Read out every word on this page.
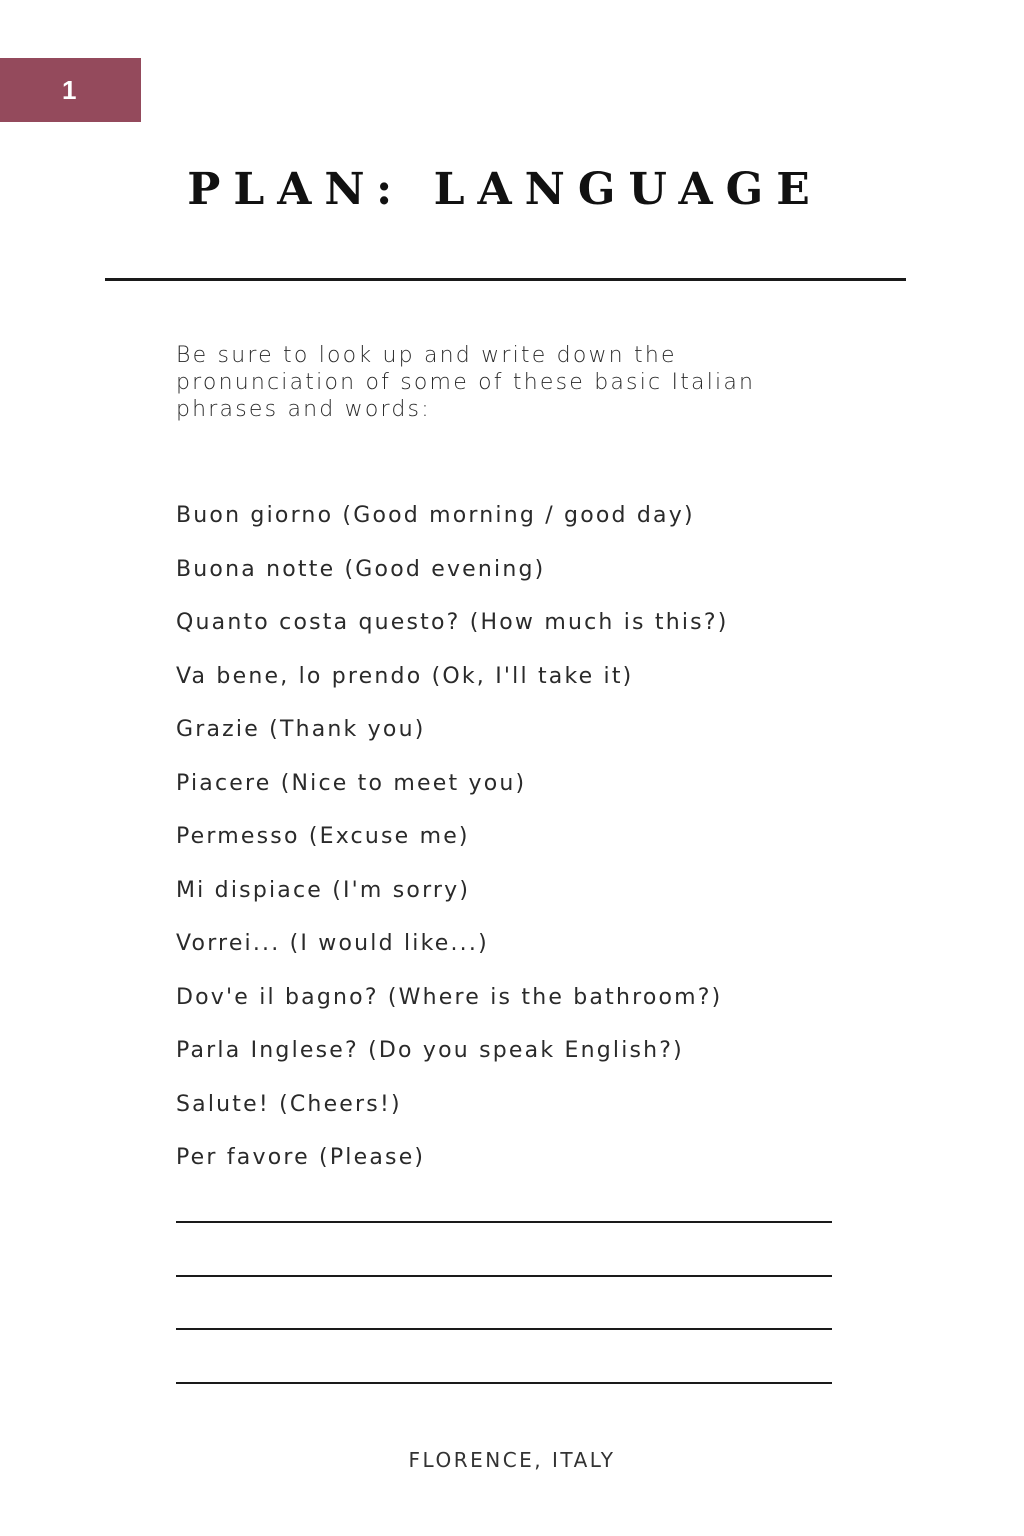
1
PLAN: LANGUAGE

Be sure to look up and write down the pronunciation of some of these basic Italian phrases and words:

Buon giorno (Good morning / good day)
Buona notte (Good evening)
Quanto costa questo? (How much is this?)
Va bene, lo prendo (Ok, I'll take it)
Grazie (Thank you)
Piacere (Nice to meet you)
Permesso (Excuse me)
Mi dispiace (I'm sorry)
Vorrei... (I would like...)
Dov'e il bagno? (Where is the bathroom?)
Parla Inglese? (Do you speak English?)
Salute! (Cheers!)
Per favore (Please)

FLORENCE, ITALY
